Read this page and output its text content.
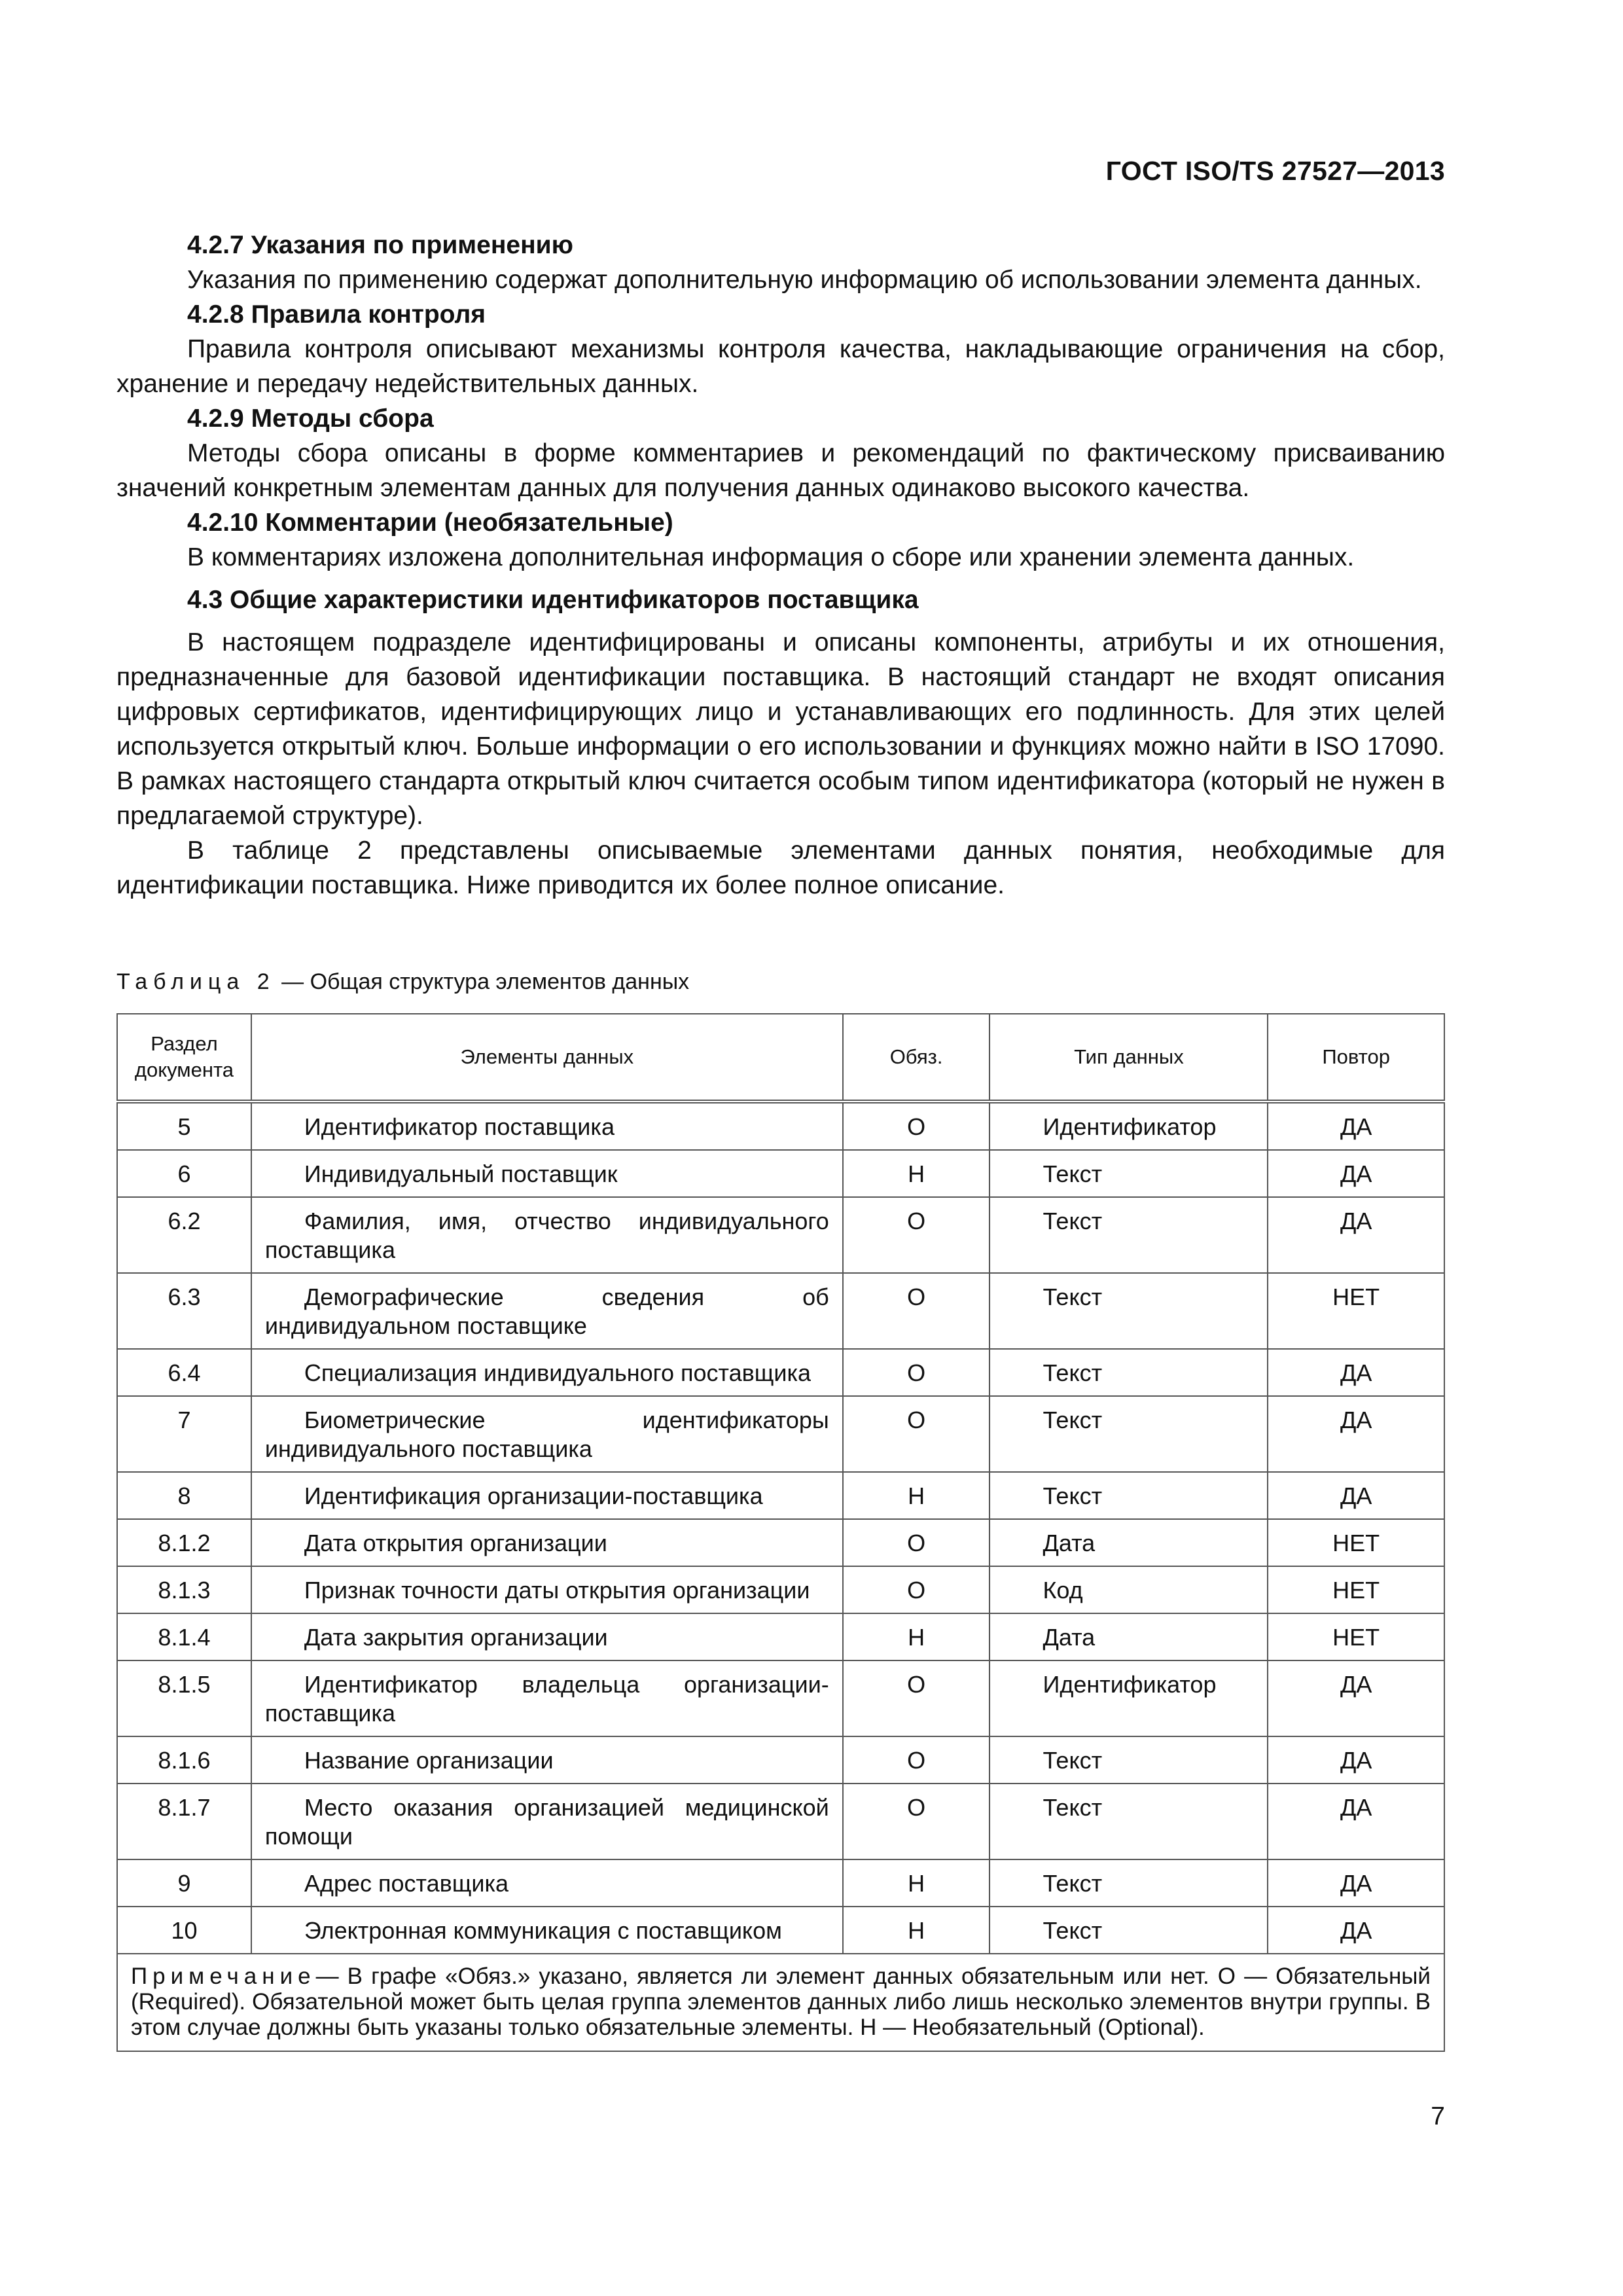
ГОСТ ISO/TS 27527—2013

4.2.7 Указания по применению

Указания по применению содержат дополнительную информацию об использовании элемента данных.

4.2.8 Правила контроля

Правила контроля описывают механизмы контроля качества, накладывающие ограничения на сбор, хранение и передачу недействительных данных.

4.2.9 Методы сбора

Методы сбора описаны в форме комментариев и рекомендаций по фактическому присваиванию значений конкретным элементам данных для получения данных одинаково высокого качества.

4.2.10 Комментарии (необязательные)

В комментариях изложена дополнительная информация о сборе или хранении элемента данных.

4.3 Общие характеристики идентификаторов поставщика

В настоящем подразделе идентифицированы и описаны компоненты, атрибуты и их отношения, предназначенные для базовой идентификации поставщика. В настоящий стандарт не входят описания цифровых сертификатов, идентифицирующих лицо и устанавливающих его подлинность. Для этих целей используется открытый ключ. Больше информации о его использовании и функциях можно найти в ISO 17090. В рамках настоящего стандарта открытый ключ считается особым типом идентификатора (который не нужен в предлагаемой структуре).

В таблице 2 представлены описываемые элементами данных понятия, необходимые для идентификации поставщика. Ниже приводится их более полное описание.

Таблица 2 — Общая структура элементов данных
Раздел документа	Элементы данных	Обяз.	Тип данных	Повтор
5	Идентификатор поставщика	О	Идентификатор	ДА
6	Индивидуальный поставщик	Н	Текст	ДА
6.2	Фамилия, имя, отчество индивидуального поставщика	О	Текст	ДА
6.3	Демографические сведения об индивидуальном поставщике	О	Текст	НЕТ
6.4	Специализация индивидуального поставщика	О	Текст	ДА
7	Биометрические идентификаторы индивидуального поставщика	О	Текст	ДА
8	Идентификация организации-поставщика	Н	Текст	ДА
8.1.2	Дата открытия организации	О	Дата	НЕТ
8.1.3	Признак точности даты открытия организации	О	Код	НЕТ
8.1.4	Дата закрытия организации	Н	Дата	НЕТ
8.1.5	Идентификатор владельца организации-поставщика	О	Идентификатор	ДА
8.1.6	Название организации	О	Текст	ДА
8.1.7	Место оказания организацией медицинской помощи	О	Текст	ДА
9	Адрес поставщика	Н	Текст	ДА
10	Электронная коммуникация с поставщиком	Н	Текст	ДА
Примечание— В графе «Обяз.» указано, является ли элемент данных обязательным или нет. О — Обязательный (Required). Обязательной может быть целая группа элементов данных либо лишь несколько элементов внутри группы. В этом случае должны быть указаны только обязательные элементы. Н — Необязательный (Optional).				
7
